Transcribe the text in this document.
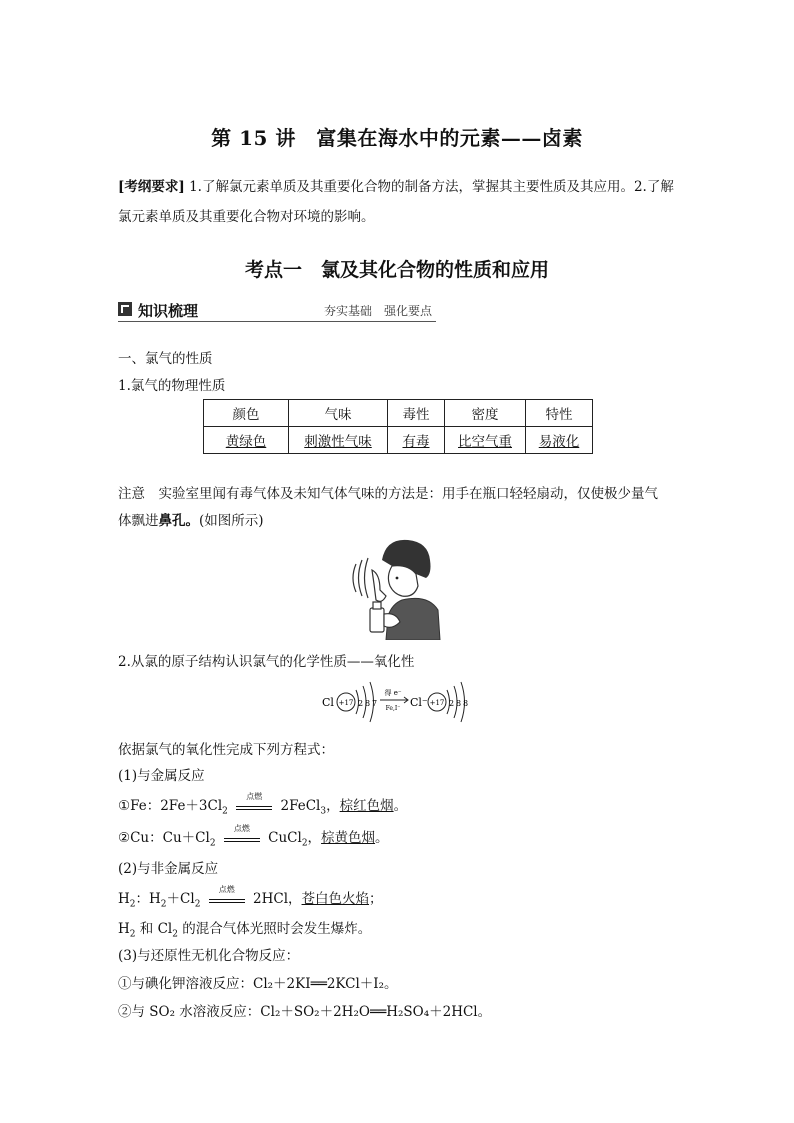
第 15 讲　富集在海水中的元素——卤素
[考纲要求] 1.了解氯元素单质及其重要化合物的制备方法，掌握其主要性质及其应用。2.了解氯元素单质及其重要化合物对环境的影响。
考点一　氯及其化合物的性质和应用
知识梳理	夯实基础　强化要点
一、氯气的性质
1.氯气的物理性质
颜色	气味	毒性	密度	特性
黄绿色	刺激性气味	有毒	比空气重	易液化
注意　 实验室里闻有毒气体及未知气体气味的方法是：用手在瓶口轻轻扇动，仅使极少量气
体飘进鼻孔。(如图所示)
2.从氯的原子结构认识氯气的化学性质——氧化性
Cl +17 2 8 7
得 e⁻
Fe,I⁻ Cl⁻ +17 2 8 8
依据氯气的氧化性完成下列方程式：
(1)与金属反应
①Fe：$2Fe+3Cl_2$
点燃
2FeCl$_3$，棕红色烟。
②Cu：$Cu+Cl_2$
点燃
CuCl$_2$，棕黄色烟。
(2)与非金属反应
$H_2$：$H_2+Cl_2$
点燃
2HCl，苍白色火焰；
$H_2$ 和 $Cl_2$ 的混合气体光照时会发生爆炸。
(3)与还原性无机化合物反应：
①与碘化钾溶液反应：Cl₂＋2KI══2KCl＋I₂。
②与 SO₂ 水溶液反应：Cl₂＋SO₂＋2H₂O══H₂SO₄＋2HCl。
